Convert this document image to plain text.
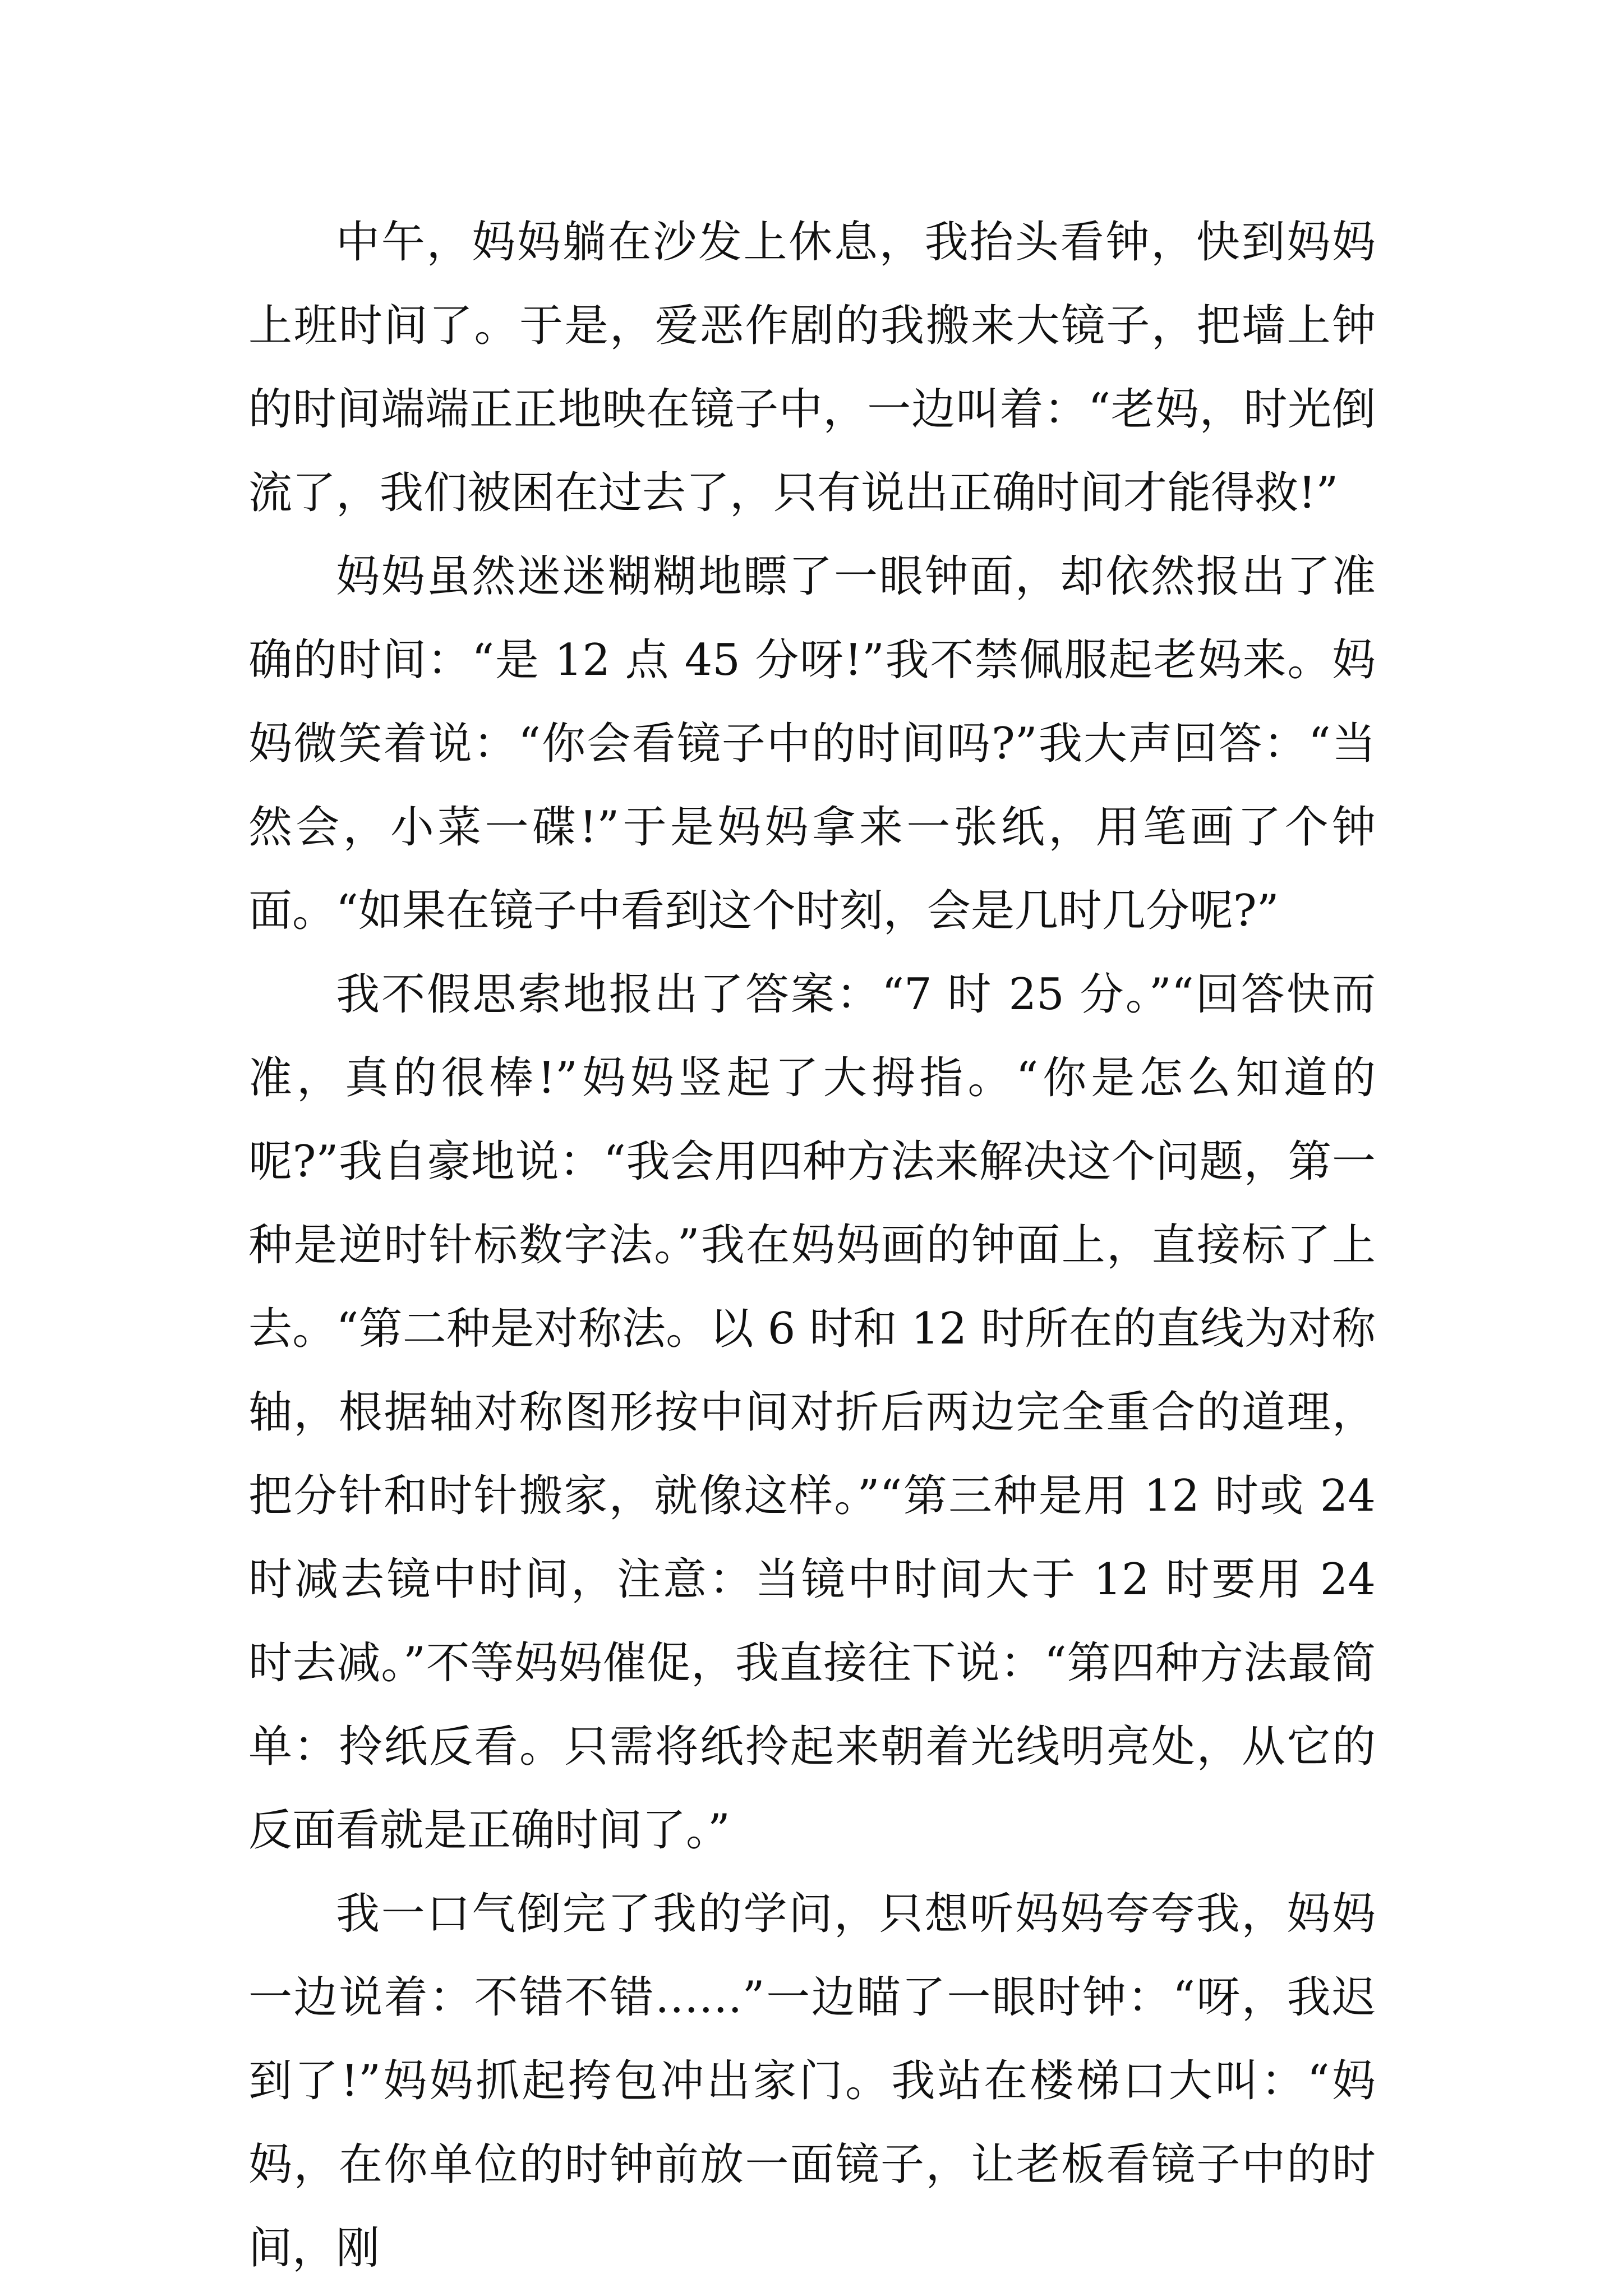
中午，妈妈躺在沙发上休息，我抬头看钟，快到妈妈上班时间了。于是，爱恶作剧的我搬来大镜子，把墙上钟的时间端端正正地映在镜子中，一边叫着：“老妈，时光倒流了，我们被困在过去了，只有说出正确时间才能得救!”

妈妈虽然迷迷糊糊地瞟了一眼钟面，却依然报出了准确的时间：“是 12 点 45 分呀!”我不禁佩服起老妈来。妈妈微笑着说：“你会看镜子中的时间吗?”我大声回答：“当然会，小菜一碟!”于是妈妈拿来一张纸，用笔画了个钟面。“如果在镜子中看到这个时刻，会是几时几分呢?”

我不假思索地报出了答案：“7 时 25 分。”“回答快而准，真的很棒!”妈妈竖起了大拇指。“你是怎么知道的呢?”我自豪地说：“我会用四种方法来解决这个问题，第一种是逆时针标数字法。”我在妈妈画的钟面上，直接标了上去。“第二种是对称法。以 6 时和 12 时所在的直线为对称轴，根据轴对称图形按中间对折后两边完全重合的道理，把分针和时针搬家，就像这样。”“第三种是用 12 时或 24 时减去镜中时间，注意：当镜中时间大于 12 时要用 24 时去减。”不等妈妈催促，我直接往下说：“第四种方法最简单：拎纸反看。只需将纸拎起来朝着光线明亮处，从它的反面看就是正确时间了。”

我一口气倒完了我的学问，只想听妈妈夸夸我，妈妈一边说着：不错不错……”一边瞄了一眼时钟：“呀，我迟到了!”妈妈抓起挎包冲出家门。我站在楼梯口大叫：“妈妈，在你单位的时钟前放一面镜子，让老板看镜子中的时间，刚
